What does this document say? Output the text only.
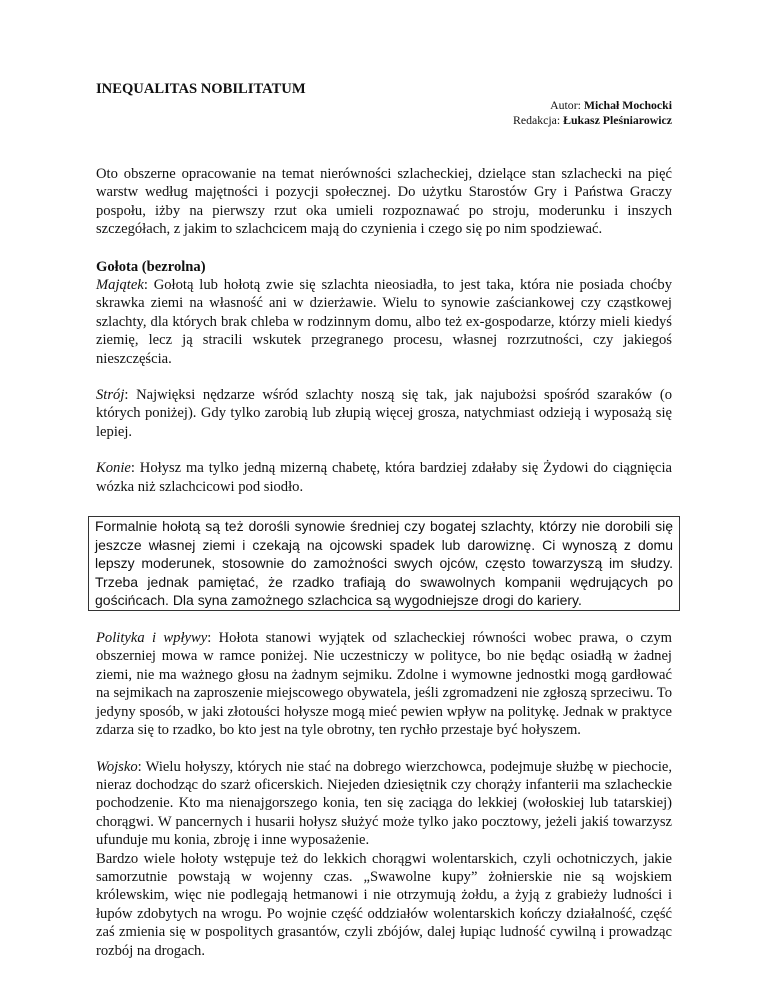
INEQUALITAS NOBILITATUM
Autor: Michał Mochocki
Redakcja: Łukasz Pleśniarowicz

Oto obszerne opracowanie na temat nierówności szlacheckiej, dzielące stan szlachecki na pięć warstw według majętności i pozycji społecznej. Do użytku Starostów Gry i Państwa Graczy pospołu, iżby na pierwszy rzut oka umieli rozpoznawać po stroju, moderunku i inszych szczegółach, z jakim to szlachcicem mają do czynienia i czego się po nim spodziewać.

Gołota (bezrolna)

Majątek: Gołotą lub hołotą zwie się szlachta nieosiadła, to jest taka, która nie posiada choćby skrawka ziemi na własność ani w dzierżawie. Wielu to synowie zaściankowej czy cząstkowej szlachty, dla których brak chleba w rodzinnym domu, albo też ex-gospodarze, którzy mieli kiedyś ziemię, lecz ją stracili wskutek przegranego procesu, własnej rozrzutności, czy jakiegoś nieszczęścia.

Strój: Najwięksi nędzarze wśród szlachty noszą się tak, jak najubożsi spośród szaraków (o których poniżej). Gdy tylko zarobią lub złupią więcej grosza, natychmiast odzieją i wyposażą się lepiej.

Konie: Hołysz ma tylko jedną mizerną chabetę, która bardziej zdałaby się Żydowi do ciągnięcia wózka niż szlachcicowi pod siodło.

Formalnie hołotą są też dorośli synowie średniej czy bogatej szlachty, którzy nie dorobili się jeszcze własnej ziemi i czekają na ojcowski spadek lub darowiznę. Ci wynoszą z domu lepszy moderunek, stosownie do zamożności swych ojców, często towarzyszą im słudzy. Trzeba jednak pamiętać, że rzadko trafiają do swawolnych kompanii wędrujących po gościńcach. Dla syna zamożnego szlachcica są wygodniejsze drogi do kariery.

Polityka i wpływy: Hołota stanowi wyjątek od szlacheckiej równości wobec prawa, o czym obszerniej mowa w ramce poniżej. Nie uczestniczy w polityce, bo nie będąc osiadłą w żadnej ziemi, nie ma ważnego głosu na żadnym sejmiku. Zdolne i wymowne jednostki mogą gardłować na sejmikach na zaproszenie miejscowego obywatela, jeśli zgromadzeni nie zgłoszą sprzeciwu. To jedyny sposób, w jaki złotouści hołysze mogą mieć pewien wpływ na politykę. Jednak w praktyce zdarza się to rzadko, bo kto jest na tyle obrotny, ten rychło przestaje być hołyszem.

Wojsko: Wielu hołyszy, których nie stać na dobrego wierzchowca, podejmuje służbę w piechocie, nieraz dochodząc do szarż oficerskich. Niejeden dziesiętnik czy chorąży infanterii ma szlacheckie pochodzenie. Kto ma nienajgorszego konia, ten się zaciąga do lekkiej (wołoskiej lub tatarskiej) chorągwi. W pancernych i husarii hołysz służyć może tylko jako pocztowy, jeżeli jakiś towarzysz ufunduje mu konia, zbroję i inne wyposażenie.

Bardzo wiele hołoty wstępuje też do lekkich chorągwi wolentarskich, czyli ochotniczych, jakie samorzutnie powstają w wojenny czas. „Swawolne kupy” żołnierskie nie są wojskiem królewskim, więc nie podlegają hetmanowi i nie otrzymują żołdu, a żyją z grabieży ludności i łupów zdobytych na wrogu. Po wojnie część oddziałów wolentarskich kończy działalność, część zaś zmienia się w pospolitych grasantów, czyli zbójów, dalej łupiąc ludność cywilną i prowadząc rozbój na drogach.
